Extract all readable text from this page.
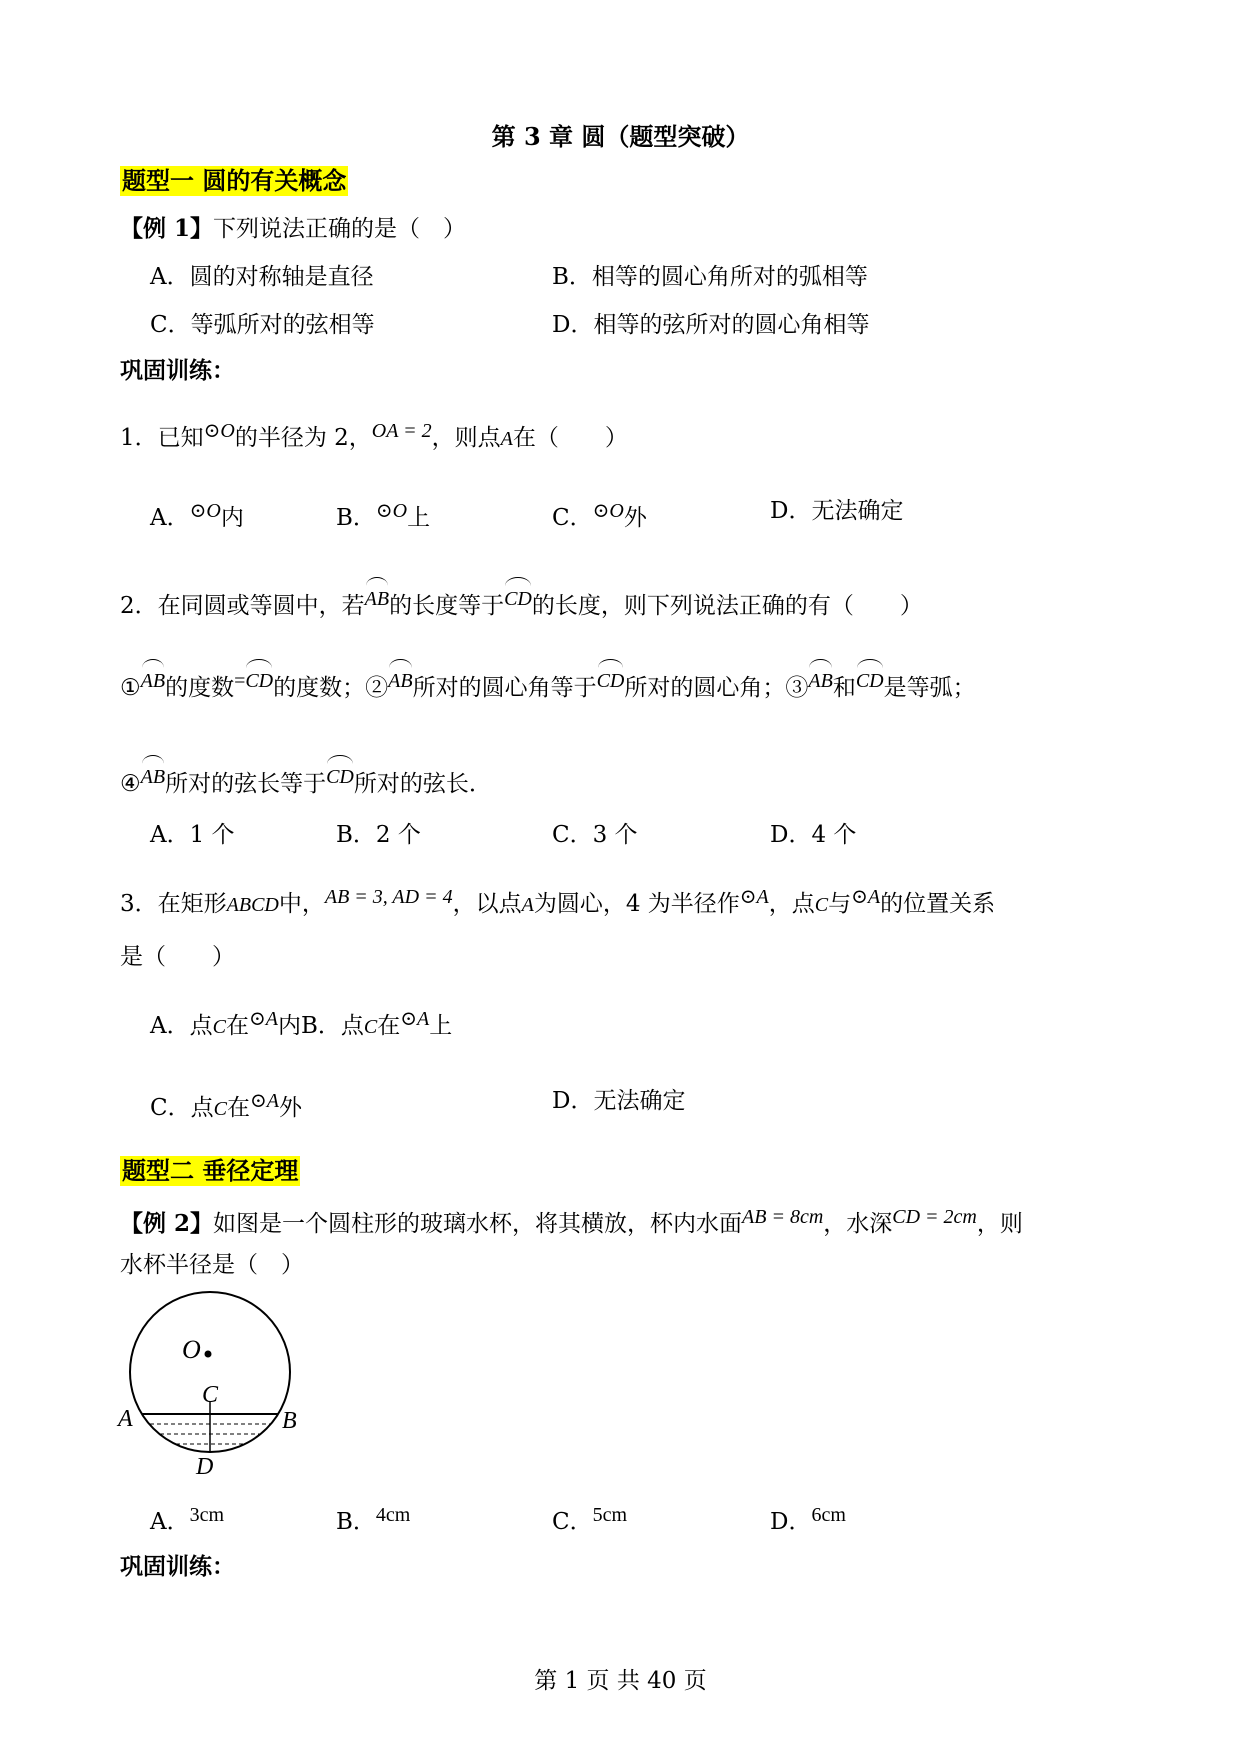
第 3 章 圆（题型突破）
题型一 圆的有关概念
【例 1】下列说法正确的是（　）
A．圆的对称轴是直径	B．相等的圆心角所对的弧相等
C．等弧所对的弦相等	D．相等的弦所对的圆心角相等
巩固训练：
1．已知⊙O的半径为 2，OA = 2，则点A在（　　）
A．⊙O内	B．⊙O上	C．⊙O外	D．无法确定
2．在同圆或等圆中，若AB的长度等于CD的长度，则下列说法正确的有（　　）
①AB的度数=CD的度数；②AB所对的圆心角等于CD所对的圆心角；③AB和CD是等弧；
④AB所对的弦长等于CD所对的弦长．
A．1 个	B．2 个	C．3 个	D．4 个
3．在矩形ABCD中，AB = 3, AD = 4，以点A为圆心，4 为半径作⊙A，点C与⊙A的位置关系
是（　　）
A．点C在⊙A内B．点C在⊙A上
C．点C在⊙A外	D．无法确定
题型二 垂径定理
【例 2】如图是一个圆柱形的玻璃水杯，将其横放，杯内水面AB = 8cm，水深CD = 2cm，则
水杯半径是（　）
O
C
A	B
D
A．3cm	B．4cm	C．5cm	D．6cm
巩固训练：
第 1 页 共 40 页
